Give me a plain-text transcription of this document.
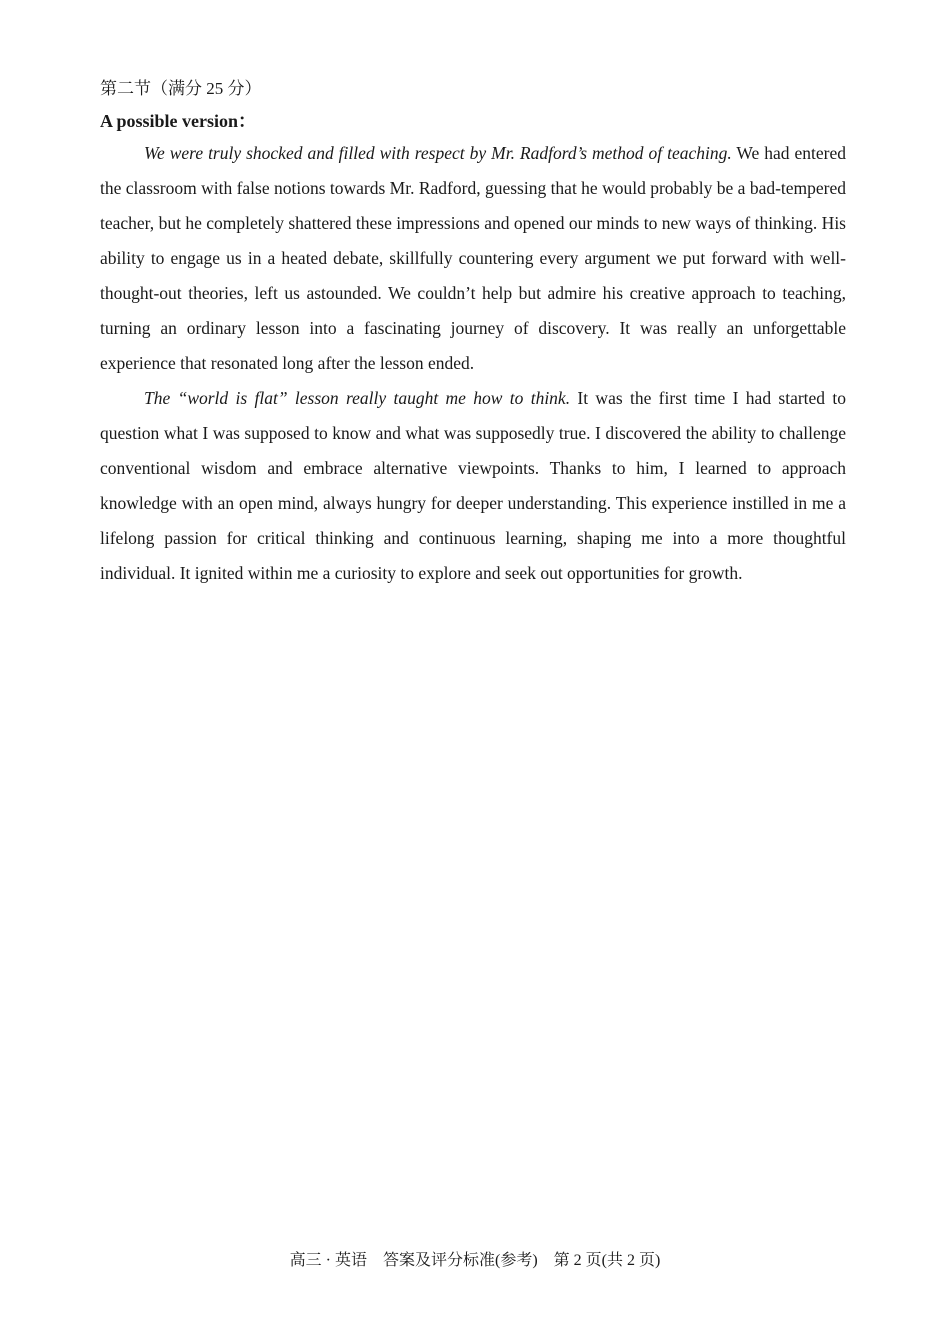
第二节（满分 25 分）
A possible version：

We were truly shocked and filled with respect by Mr. Radford’s method of teaching. We had entered the classroom with false notions towards Mr. Radford, guessing that he would probably be a bad-tempered teacher, but he completely shattered these impressions and opened our minds to new ways of thinking. His ability to engage us in a heated debate, skillfully countering every argument we put forward with well-thought-out theories, left us astounded. We couldn’t help but admire his creative approach to teaching, turning an ordinary lesson into a fascinating journey of discovery. It was really an unforgettable experience that resonated long after the lesson ended.

The “world is flat” lesson really taught me how to think. It was the first time I had started to question what I was supposed to know and what was supposedly true. I discovered the ability to challenge conventional wisdom and embrace alternative viewpoints. Thanks to him, I learned to approach knowledge with an open mind, always hungry for deeper understanding. This experience instilled in me a lifelong passion for critical thinking and continuous learning, shaping me into a more thoughtful individual. It ignited within me a curiosity to explore and seek out opportunities for growth.

高三 · 英语　答案及评分标准(参考)　第 2 页(共 2 页)
